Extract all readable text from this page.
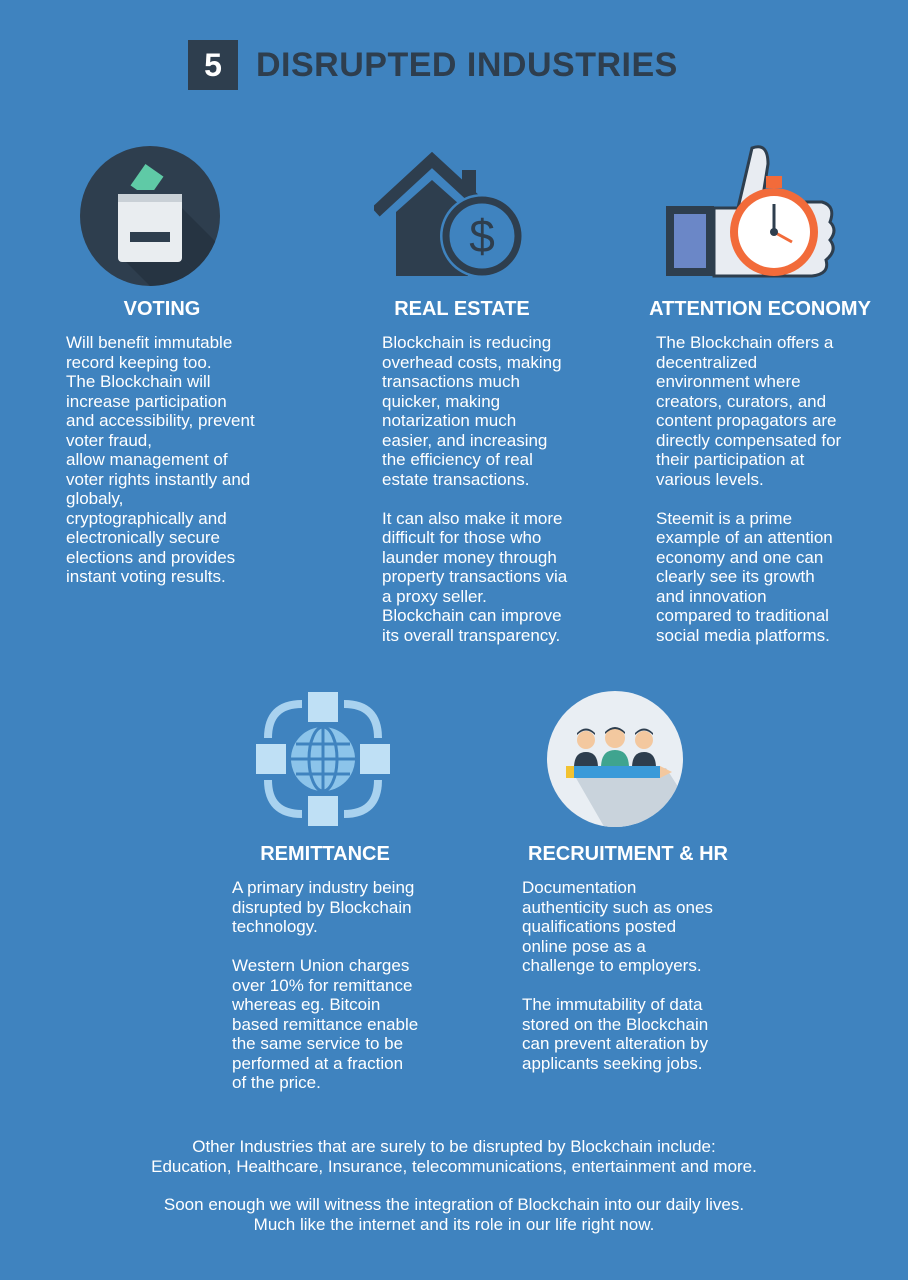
5	DISRUPTED INDUSTRIES
VOTING
Will benefit immutable
record keeping too.
The Blockchain will
increase participation
and accessibility, prevent
voter fraud,
allow management of
voter rights instantly and
globaly,
cryptographically and
electronically secure
elections and provides
instant voting results.
$
REAL ESTATE
Blockchain is reducing
overhead costs, making
transactions much
quicker, making
notarization much
easier, and increasing
the efficiency of real
estate transactions.

It can also make it more
difficult for those who
launder money through
property transactions via
a proxy seller.
Blockchain can improve
its overall transparency.
ATTENTION ECONOMY
The Blockchain offers a
decentralized
environment where
creators, curators, and
content propagators are
directly compensated for
their participation at
various levels.

Steemit is a prime
example of an attention
economy and one can
clearly see its growth
and innovation
compared to traditional
social media platforms.
REMITTANCE
A primary industry being
disrupted by Blockchain
technology.

Western Union charges
over 10% for remittance
whereas eg. Bitcoin
based remittance enable
the same service to be
performed at a fraction
of the price.
RECRUITMENT & HR
Documentation
authenticity such as ones
qualifications posted
online pose as a
challenge to employers.

The immutability of data
stored on the Blockchain
can prevent alteration by
applicants seeking jobs.
Other Industries that are surely to be disrupted by Blockchain include:
Education, Healthcare, Insurance, telecommunications, entertainment and more.
Soon enough we will witness the integration of Blockchain into our daily lives.
Much like the internet and its role in our life right now.
